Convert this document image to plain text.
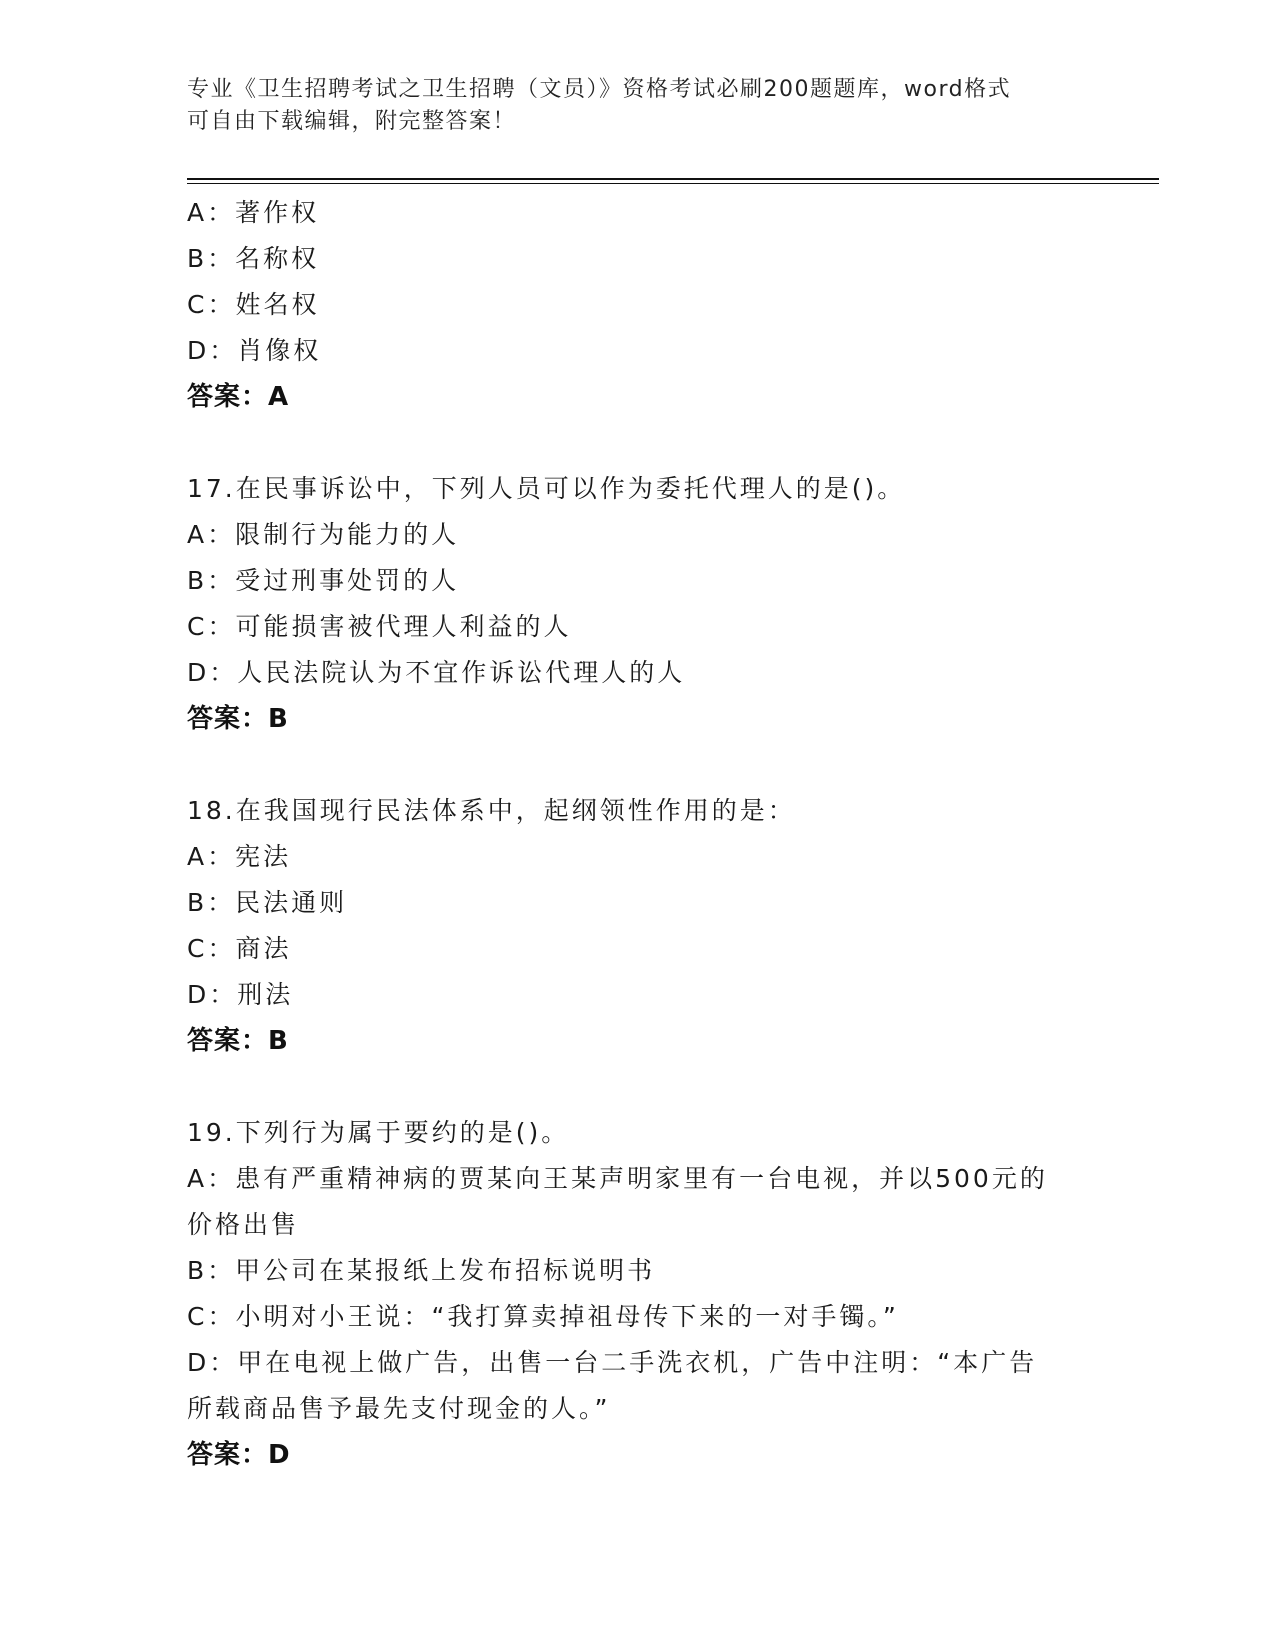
专业《卫生招聘考试之卫生招聘（文员）》资格考试必刷200题题库，word格式
可自由下载编辑，附完整答案！
A：著作权
B：名称权
C：姓名权
D：肖像权
答案：A
17.在民事诉讼中，下列人员可以作为委托代理人的是()。
A：限制行为能力的人
B：受过刑事处罚的人
C：可能损害被代理人利益的人
D：人民法院认为不宜作诉讼代理人的人
答案：B
18.在我国现行民法体系中，起纲领性作用的是：
A：宪法
B：民法通则
C：商法
D：刑法
答案：B
19.下列行为属于要约的是()。
A：患有严重精神病的贾某向王某声明家里有一台电视，并以500元的
价格出售
B：甲公司在某报纸上发布招标说明书
C：小明对小王说：“我打算卖掉祖母传下来的一对手镯。”
D：甲在电视上做广告，出售一台二手洗衣机，广告中注明：“本广告
所载商品售予最先支付现金的人。”
答案：D
